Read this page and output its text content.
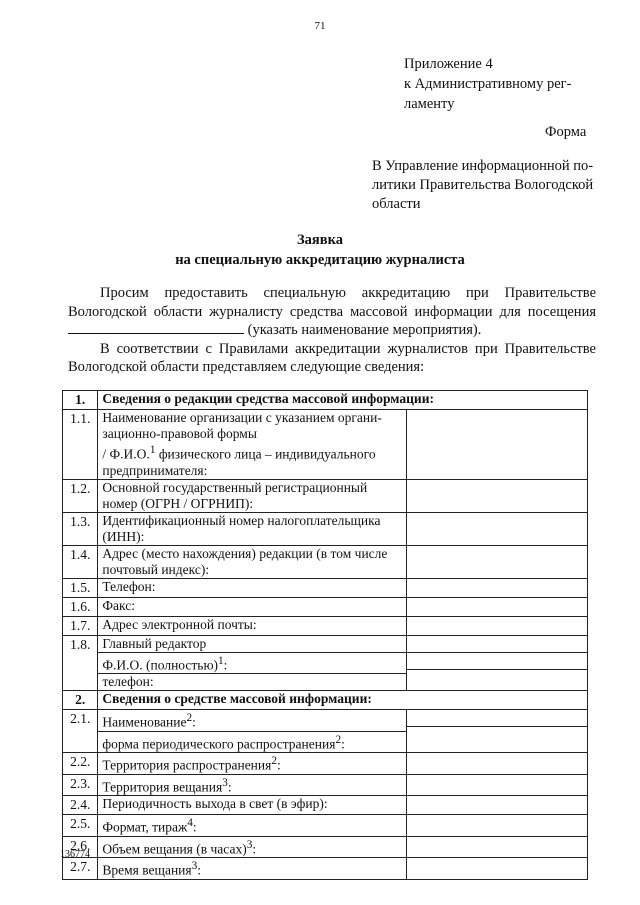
71
Приложение 4
к Административному рег-
ламенту
Форма
В Управление информационной по-
литики Правительства Вологодской
области
Заявка
на специальную аккредитацию журналиста

Просим предоставить специальную аккредитацию при Правительстве Вологодской области журналисту средства массовой информации для посещения  (указать наименование мероприятия).

В соответствии с Правилами аккредитации журналистов при Правительстве Вологодской области представляем следующие сведения:

1.	Сведения о редакции средства массовой информации:	
1.1.	Наименование организации с указанием органи-
зационно-правовой формы
/ Ф.И.О.$^1$ физического лица – индивидуального
предпринимателя:	

1.2.	Основной государственный регистрационный
номер (ОГРН / ОГРНИП):	

1.3.	Идентификационный номер налогоплательщика
(ИНН):	

1.4.	Адрес (место нахождения) редакции (в том числе
почтовый индекс):	

1.5.	Телефон:	
1.6.	Факс:	
1.7.	Адрес электронной почты:	
1.8.	Главный редактор
Ф.И.О. (полностью)$^1$:
телефон:	

2.	Сведения о средстве массовой информации:	
2.1.	Наименование$^2$:
форма периодического распространения$^2$:	

2.2.	Территория распространения$^2$:	
2.3.	Территория вещания$^3$:	
2.4.	Периодичность выхода в свет (в эфир):	
2.5.	Формат, тираж$^4$:	
2.6.	Объем вещания (в часах)$^3$:	
2.7.	Время вещания$^3$:	
136774
